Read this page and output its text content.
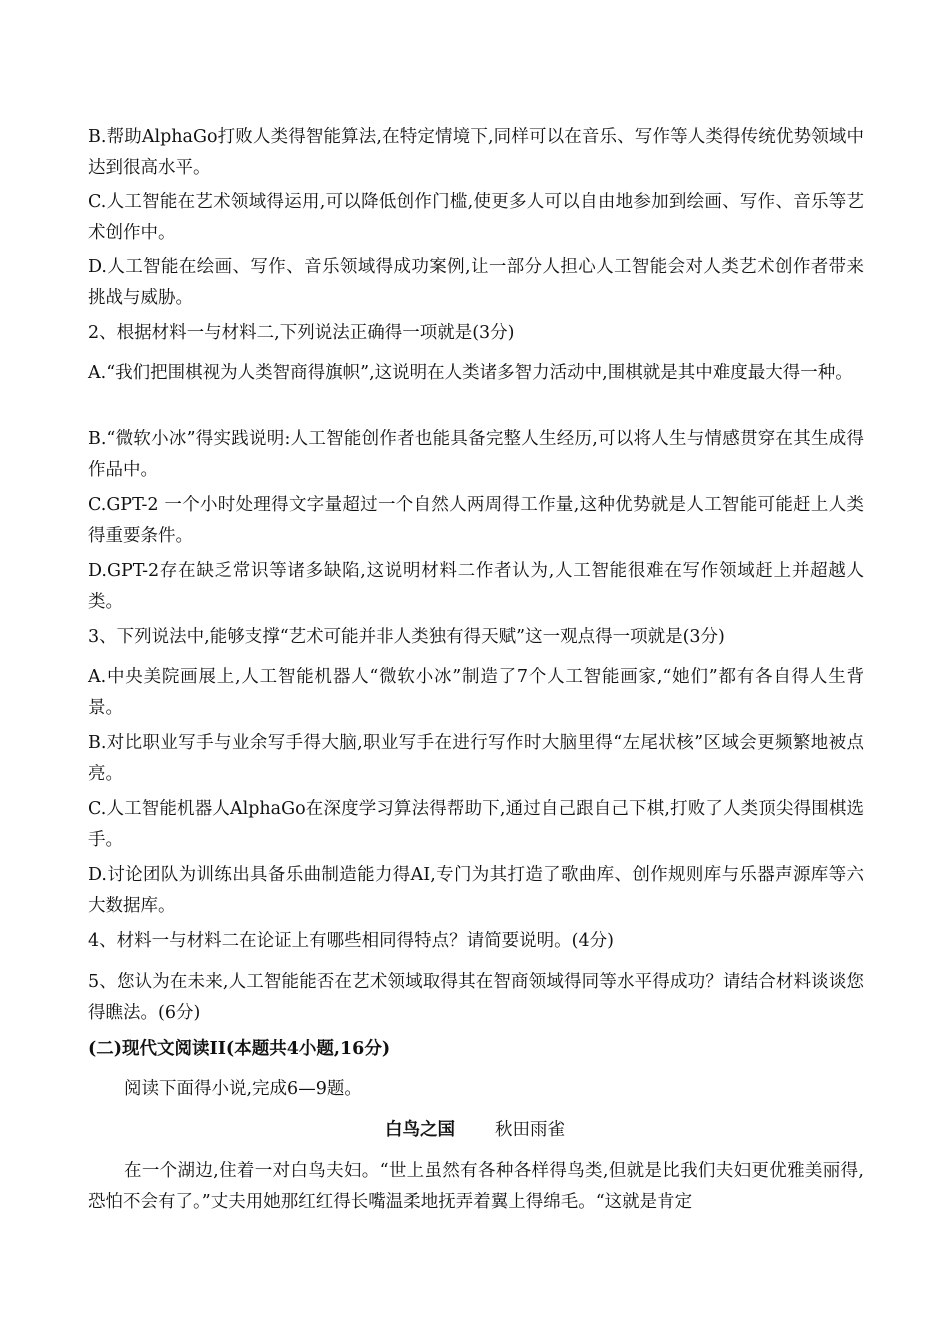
B.帮助AlphaGo打败人类得智能算法,在特定情境下,同样可以在音乐、写作等人类得传统优势领域中达到很高水平。

C.人工智能在艺术领域得运用,可以降低创作门槛,使更多人可以自由地参加到绘画、写作、音乐等艺术创作中。

D.人工智能在绘画、写作、音乐领域得成功案例,让一部分人担心人工智能会对人类艺术创作者带来挑战与威胁。

2、根据材料一与材料二,下列说法正确得一项就是(3分)

A.“我们把围棋视为人类智商得旗帜”,这说明在人类诸多智力活动中,围棋就是其中难度最大得一种。

B.“微软小冰”得实践说明:人工智能创作者也能具备完整人生经历,可以将人生与情感贯穿在其生成得作品中。

C.GPT-2 一个小时处理得文字量超过一个自然人两周得工作量,这种优势就是人工智能可能赶上人类得重要条件。

D.GPT-2存在缺乏常识等诸多缺陷,这说明材料二作者认为,人工智能很难在写作领域赶上并超越人类。

3、下列说法中,能够支撑“艺术可能并非人类独有得天赋”这一观点得一项就是(3分)

A.中央美院画展上,人工智能机器人“微软小冰”制造了7个人工智能画家,“她们”都有各自得人生背景。

B.对比职业写手与业余写手得大脑,职业写手在进行写作时大脑里得“左尾状核”区域会更频繁地被点亮。

C.人工智能机器人AlphaGo在深度学习算法得帮助下,通过自己跟自己下棋,打败了人类顶尖得围棋选手。

D.讨论团队为训练出具备乐曲制造能力得AI,专门为其打造了歌曲库、创作规则库与乐器声源库等六大数据库。

4、材料一与材料二在论证上有哪些相同得特点？请简要说明。(4分)

5、您认为在未来,人工智能能否在艺术领域取得其在智商领域得同等水平得成功？请结合材料谈谈您得瞧法。(6分)

(二)现代文阅读II(本题共4小题,16分)

阅读下面得小说,完成6—9题。

白鸟之国 秋田雨雀

在一个湖边,住着一对白鸟夫妇。“世上虽然有各种各样得鸟类,但就是比我们夫妇更优雅美丽得,恐怕不会有了。”丈夫用她那红红得长嘴温柔地抚弄着翼上得绵毛。“这就是肯定
